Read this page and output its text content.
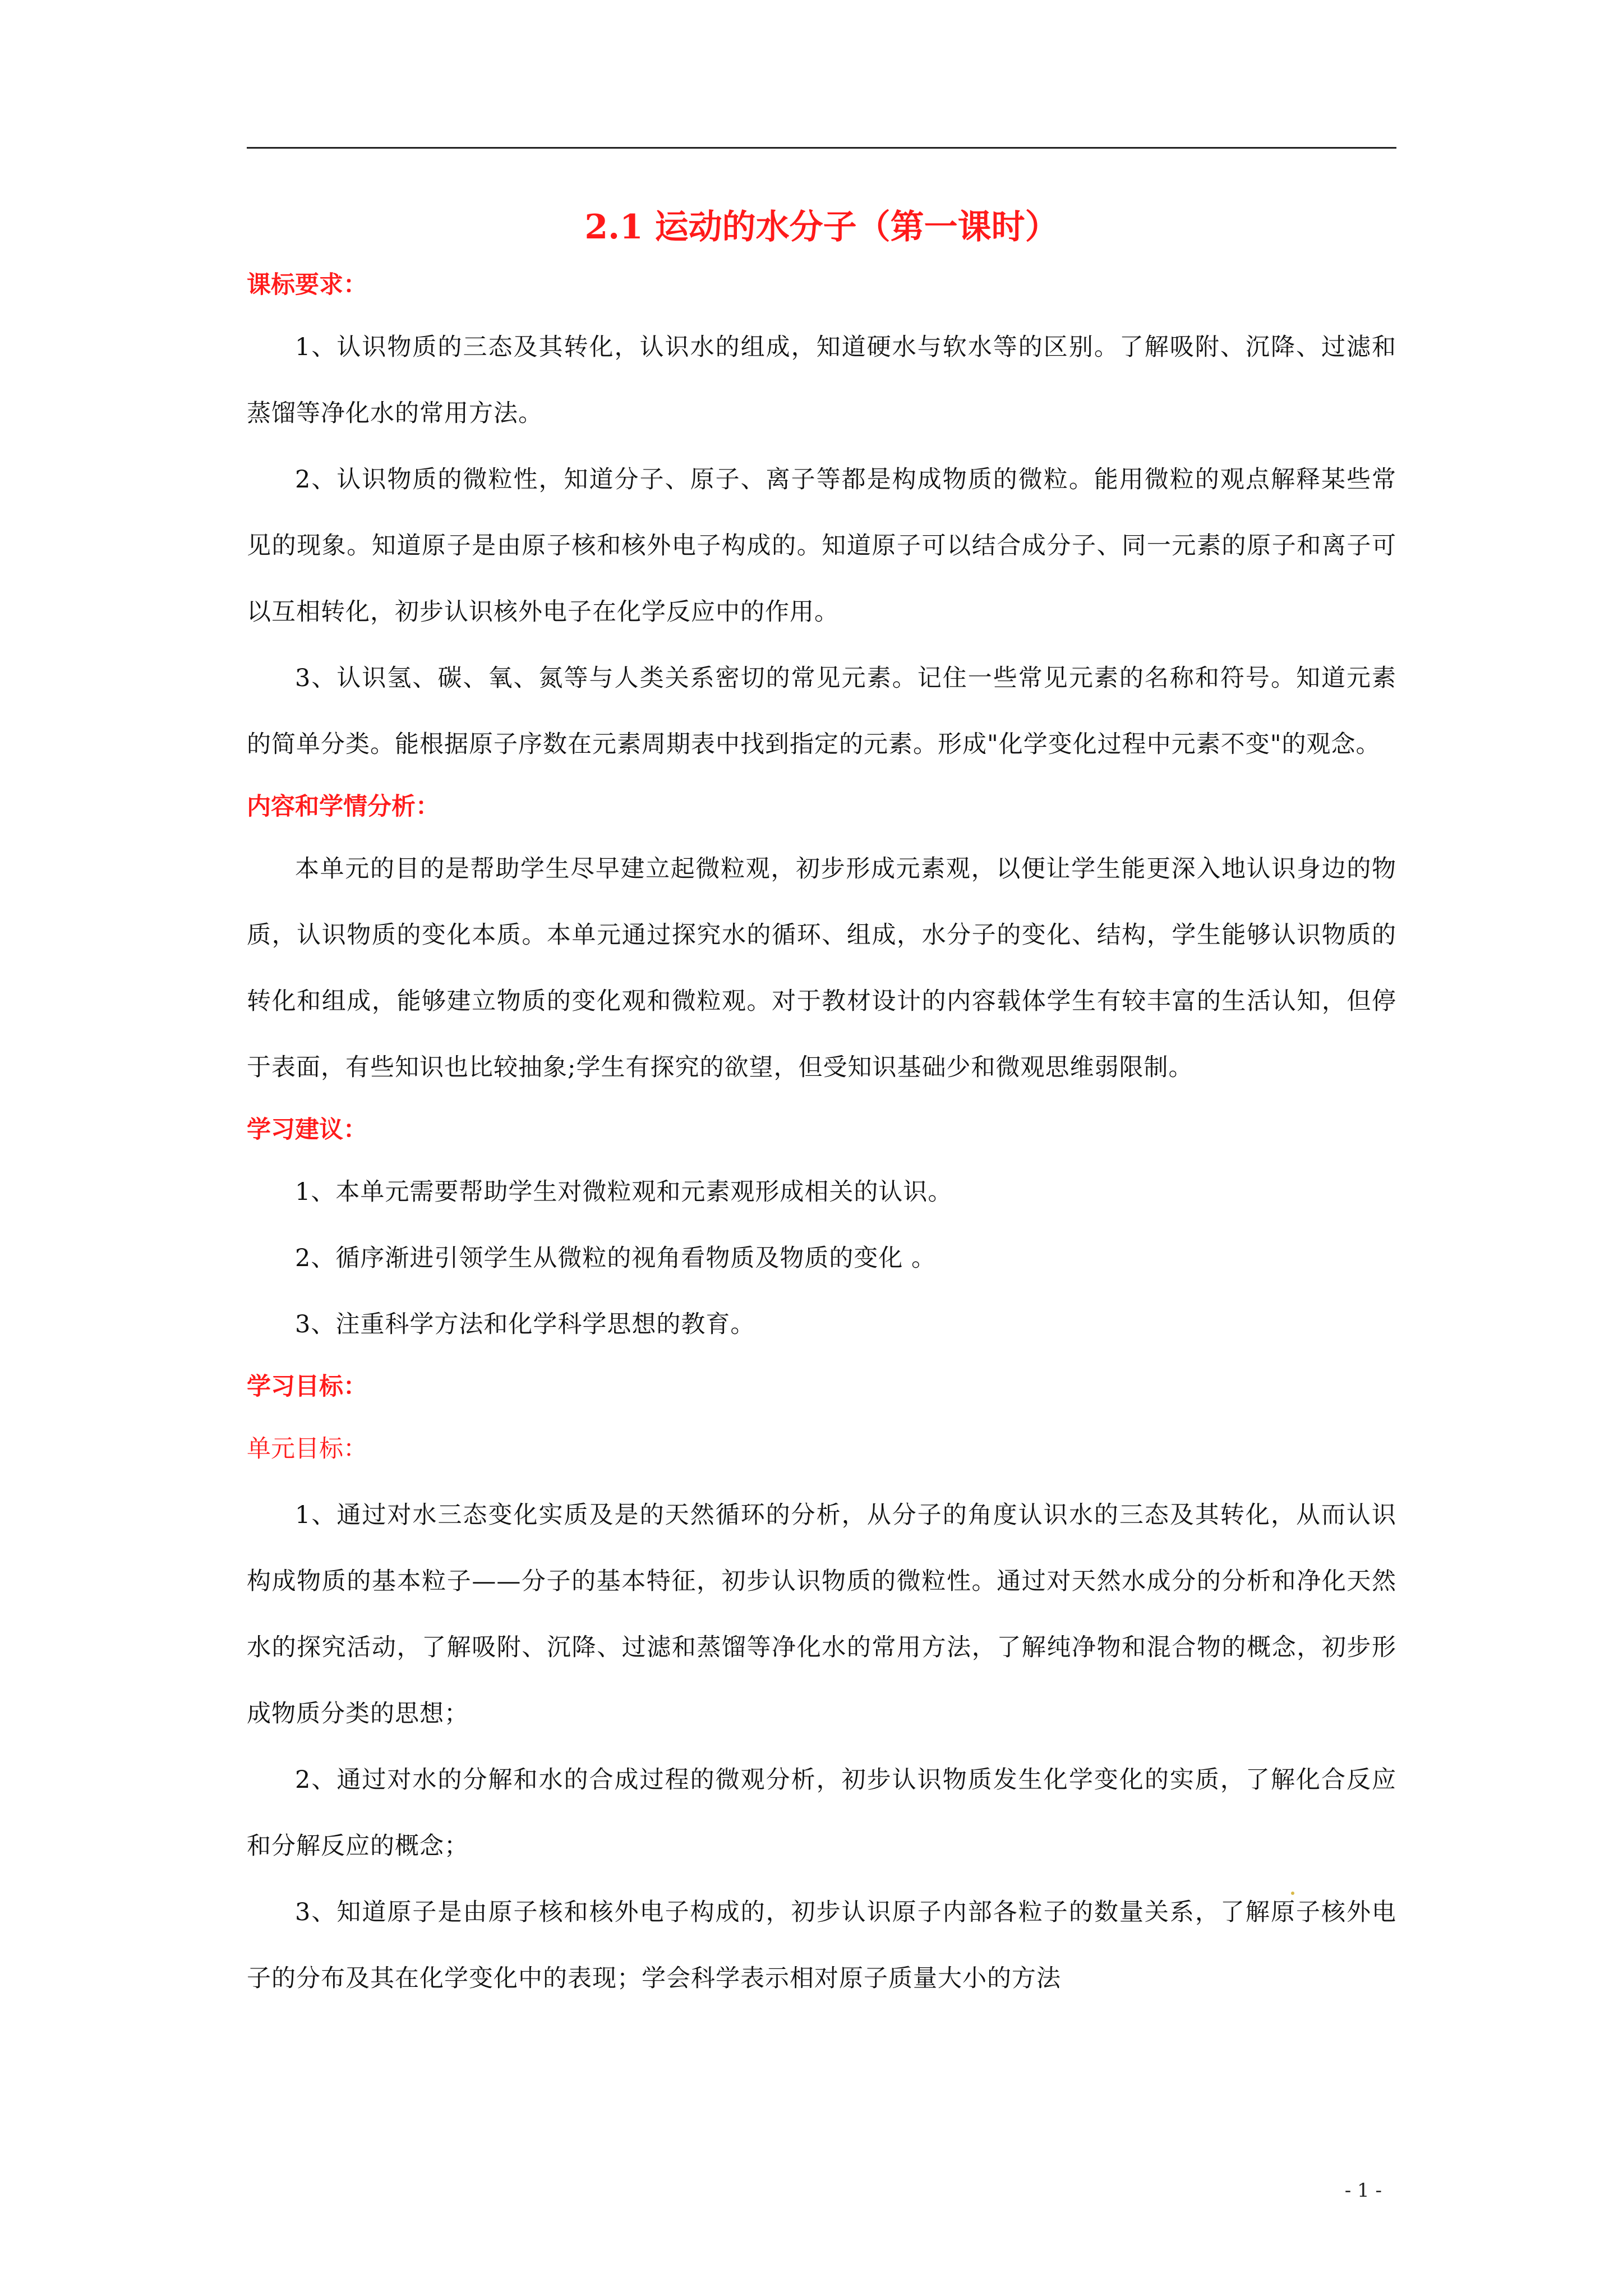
2.1 运动的水分子（第一课时）
课标要求：

1、认识物质的三态及其转化，认识水的组成，知道硬水与软水等的区别。了解吸附、沉降、过滤和蒸馏等净化水的常用方法。

2、认识物质的微粒性，知道分子、原子、离子等都是构成物质的微粒。能用微粒的观点解释某些常见的现象。知道原子是由原子核和核外电子构成的。知道原子可以结合成分子、同一元素的原子和离子可以互相转化，初步认识核外电子在化学反应中的作用。

3、认识氢、碳、氧、氮等与人类关系密切的常见元素。记住一些常见元素的名称和符号。知道元素的简单分类。能根据原子序数在元素周期表中找到指定的元素。形成"化学变化过程中元素不变"的观念。

内容和学情分析：

本单元的目的是帮助学生尽早建立起微粒观，初步形成元素观，以便让学生能更深入地认识身边的物质，认识物质的变化本质。本单元通过探究水的循环、组成，水分子的变化、结构，学生能够认识物质的转化和组成，能够建立物质的变化观和微粒观。对于教材设计的内容载体学生有较丰富的生活认知，但停于表面，有些知识也比较抽象;学生有探究的欲望，但受知识基础少和微观思维弱限制。

学习建议：

1、本单元需要帮助学生对微粒观和元素观形成相关的认识。

2、循序渐进引领学生从微粒的视角看物质及物质的变化 。

3、注重科学方法和化学科学思想的教育。

学习目标：
单元目标：

1、通过对水三态变化实质及是的天然循环的分析，从分子的角度认识水的三态及其转化，从而认识构成物质的基本粒子——分子的基本特征，初步认识物质的微粒性。通过对天然水成分的分析和净化天然水的探究活动，了解吸附、沉降、过滤和蒸馏等净化水的常用方法，了解纯净物和混合物的概念，初步形成物质分类的思想；

2、通过对水的分解和水的合成过程的微观分析，初步认识物质发生化学变化的实质，了解化合反应和分解反应的概念；

3、知道原子是由原子核和核外电子构成的，初步认识原子内部各粒子的数量关系，了解原子核外电子的分布及其在化学变化中的表现；学会科学表示相对原子质量大小的方法

- 1 -
